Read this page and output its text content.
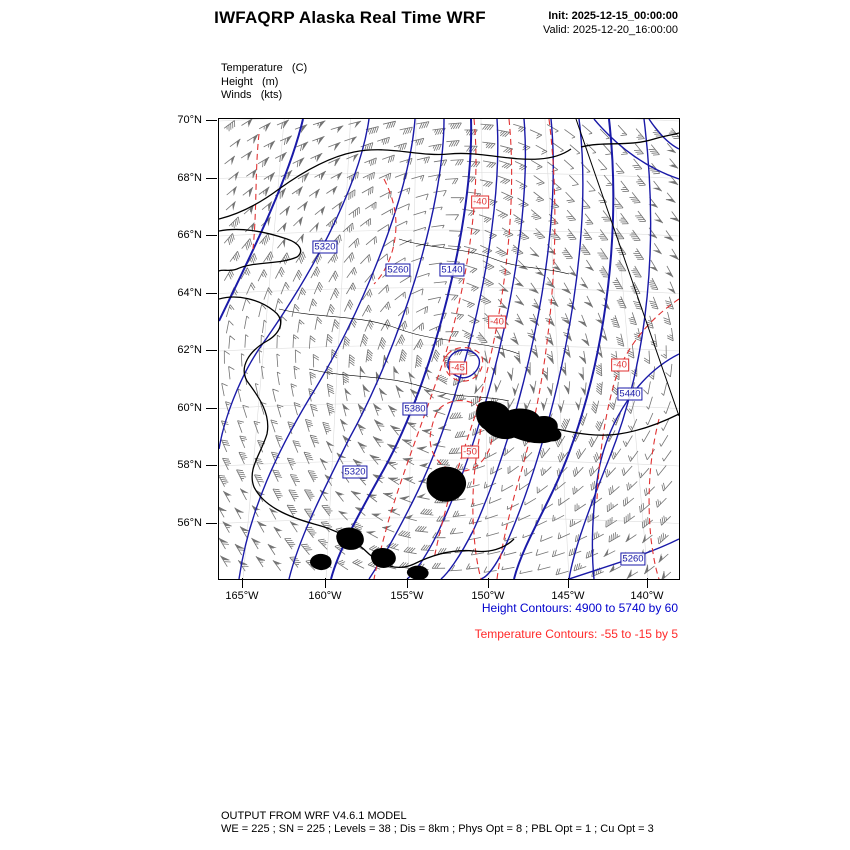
IWFAQRP Alaska Real Time WRF	Init: 2025-12-15_00:00:00
Valid: 2025-12-20_16:00:00
Temperature   (C)
Height   (m)
Winds   (kts)
Height Contours: 4900 to 5740 by 60
Temperature Contours: -55 to -15 by 5
OUTPUT FROM WRF V4.6.1 MODEL
WE = 225 ; SN = 225 ; Levels = 38 ; Dis = 8km ; Phys Opt = 8 ; PBL Opt = 1 ; Cu Opt = 3
70°N
68°N
66°N
64°N
62°N
60°N
58°N
56°N
165°W	160°W	155°W	150°W	145°W	140°W
5320
5260	5140
5440
5380
5320
5260
-40
-40
-40
-45
-50
